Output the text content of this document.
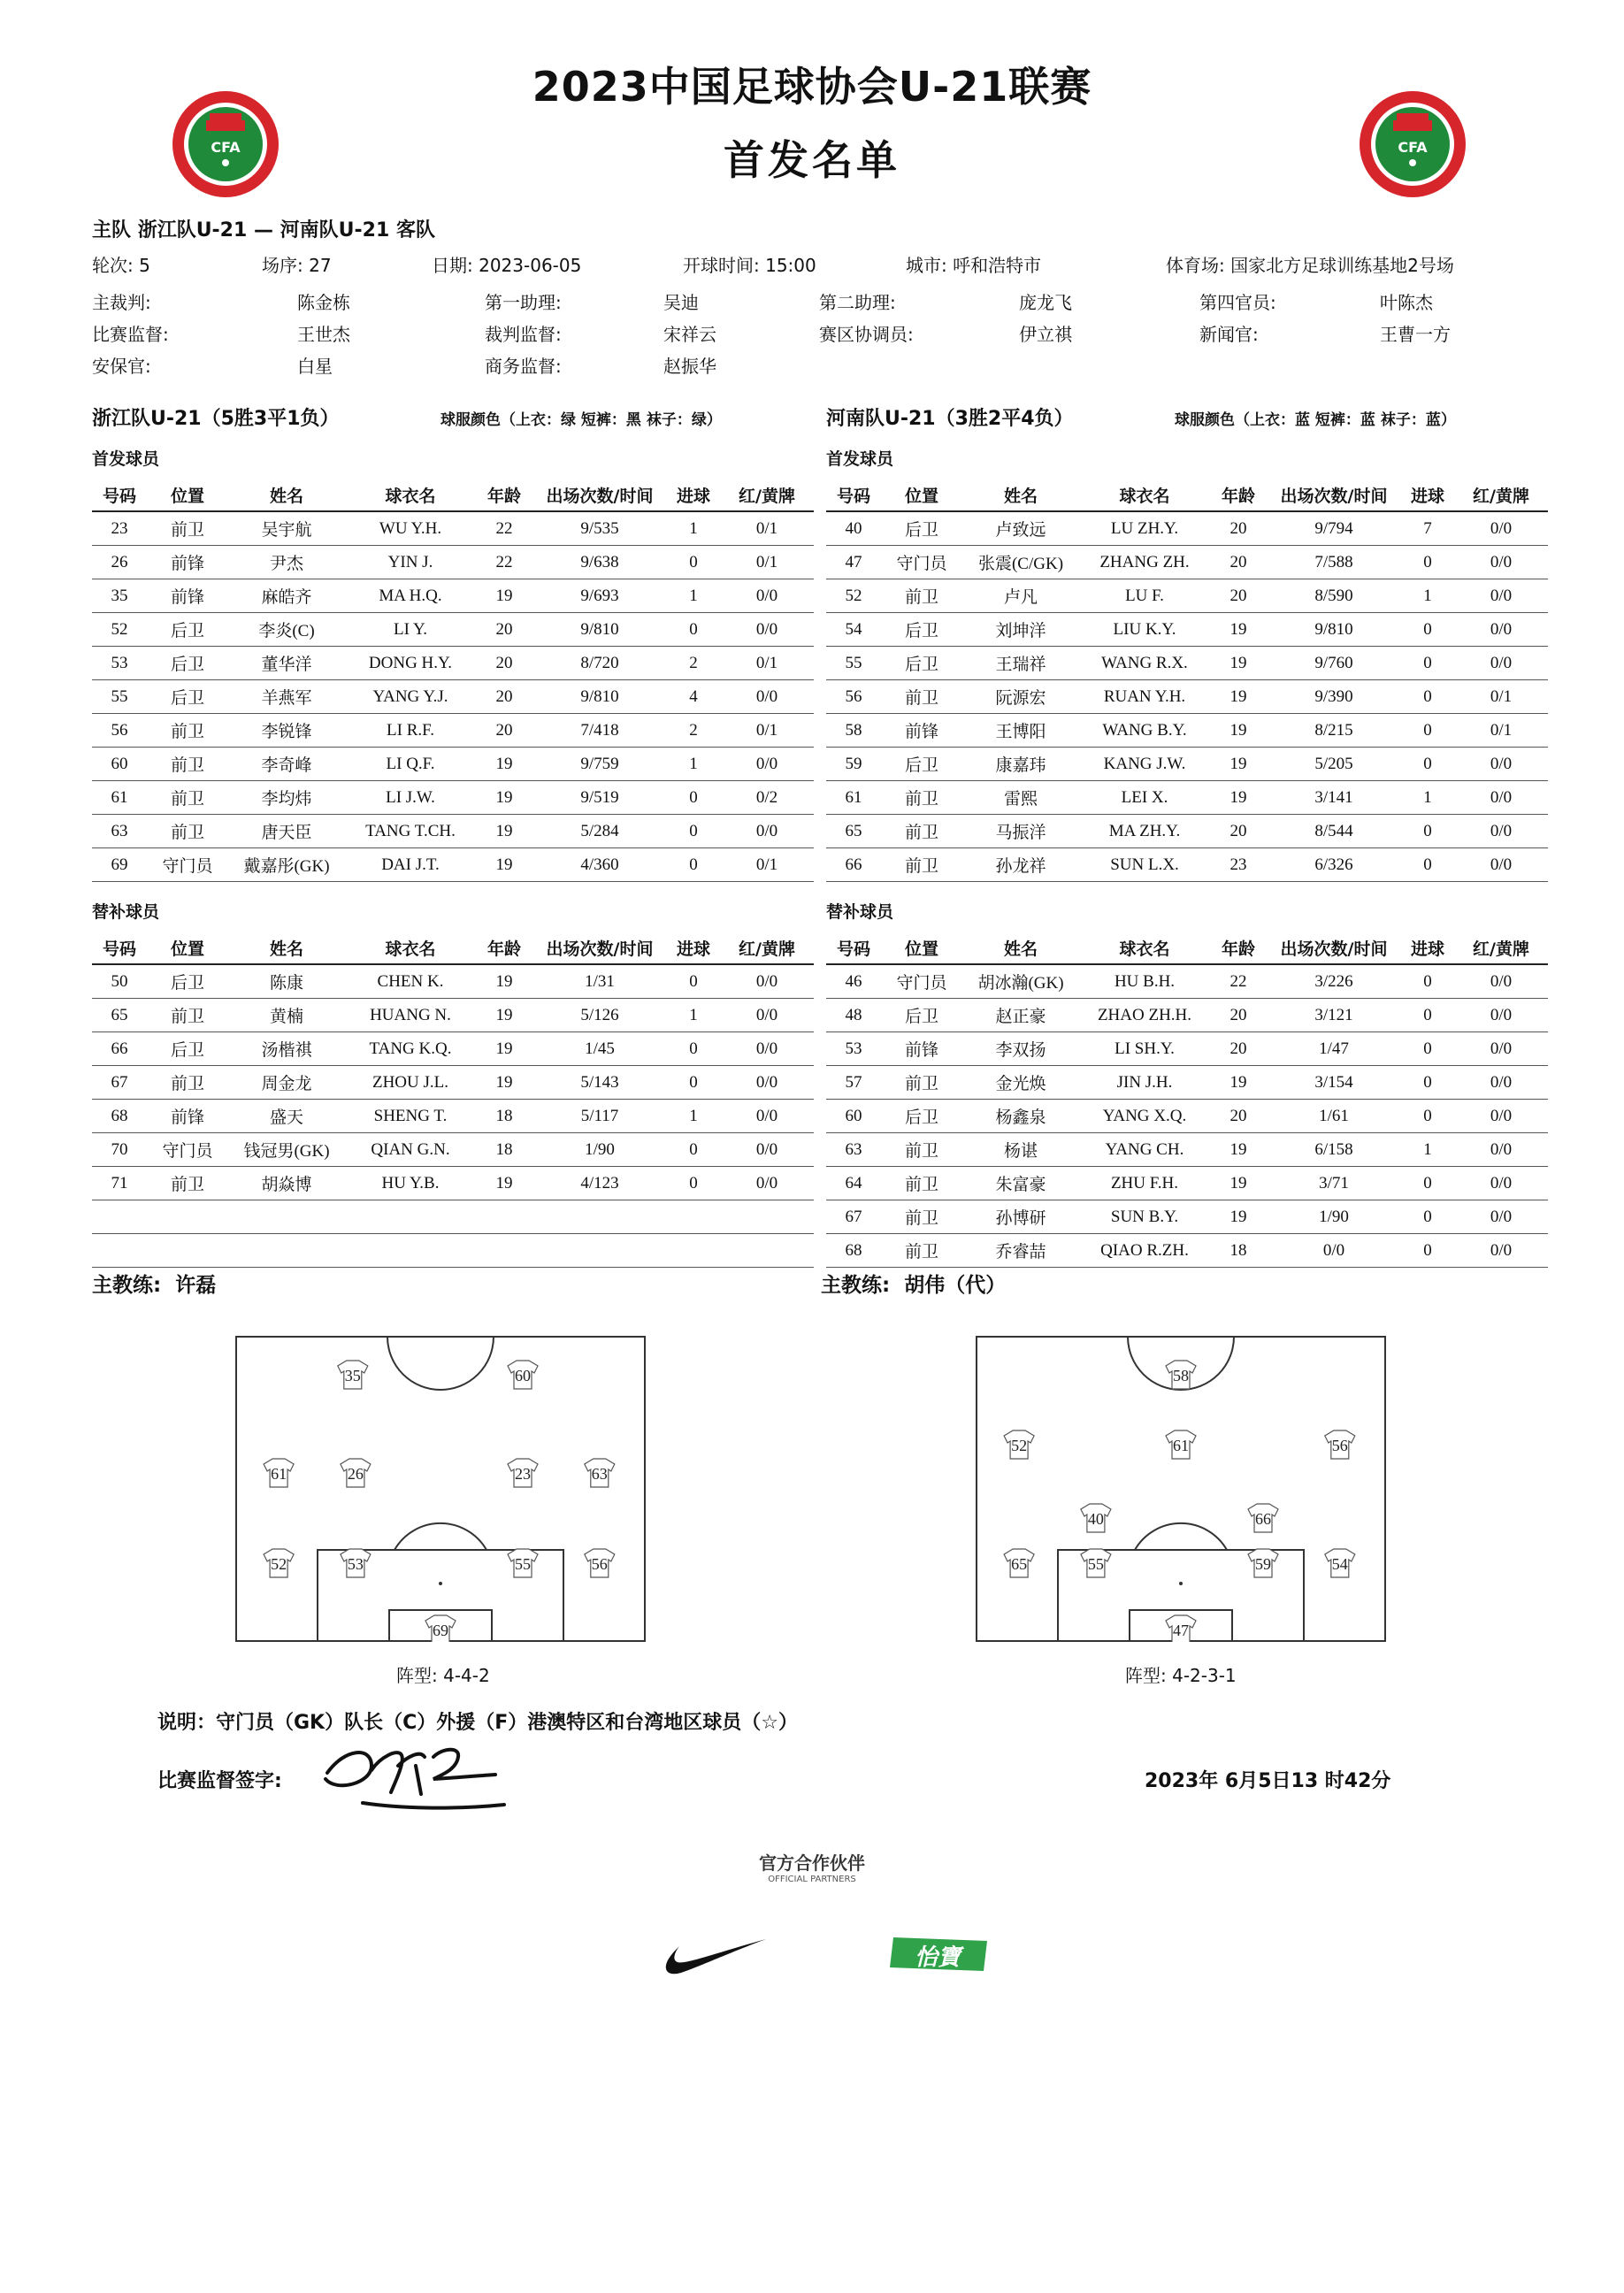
2023中国足球协会U-21联赛
首发名单
CFA	CFA
主队 浙江队U-21 — 河南队U-21 客队
轮次: 5	场序: 27	日期: 2023-06-05	开球时间: 15:00	城市: 呼和浩特市	体育场: 国家北方足球训练基地2号场
主裁判:	陈金栋	第一助理:	吴迪	第二助理:	庞龙飞	第四官员:	叶陈杰
比赛监督:	王世杰	裁判监督:	宋祥云	赛区协调员:	伊立祺	新闻官:	王曹一方
安保官:	白星	商务监督:	赵振华
浙江队U-21（5胜3平1负）	球服颜色（上衣：绿 短裤：黑 袜子：绿）	河南队U-21（3胜2平4负）	球服颜色（上衣：蓝 短裤：蓝 袜子：蓝）
首发球员	首发球员
号码	位置	姓名	球衣名	年龄	出场次数/时间	进球	红/黄牌
23	前卫	吴宇航	WU Y.H.	22	9/535	1	0/1
26	前锋	尹杰	YIN J.	22	9/638	0	0/1
35	前锋	麻皓齐	MA H.Q.	19	9/693	1	0/0
52	后卫	李炎(C)	LI Y.	20	9/810	0	0/0
53	后卫	董华洋	DONG H.Y.	20	8/720	2	0/1
55	后卫	羊燕军	YANG Y.J.	20	9/810	4	0/0
56	前卫	李锐锋	LI R.F.	20	7/418	2	0/1
60	前卫	李奇峰	LI Q.F.	19	9/759	1	0/0
61	前卫	李均炜	LI J.W.	19	9/519	0	0/2
63	前卫	唐天臣	TANG T.CH.	19	5/284	0	0/0
69	守门员	戴嘉彤(GK)	DAI J.T.	19	4/360	0	0/1
号码	位置	姓名	球衣名	年龄	出场次数/时间	进球	红/黄牌
40	后卫	卢致远	LU ZH.Y.	20	9/794	7	0/0
47	守门员	张震(C/GK)	ZHANG ZH.	20	7/588	0	0/0
52	前卫	卢凡	LU F.	20	8/590	1	0/0
54	后卫	刘坤洋	LIU K.Y.	19	9/810	0	0/0
55	后卫	王瑞祥	WANG R.X.	19	9/760	0	0/0
56	前卫	阮源宏	RUAN Y.H.	19	9/390	0	0/1
58	前锋	王博阳	WANG B.Y.	19	8/215	0	0/1
59	后卫	康嘉玮	KANG J.W.	19	5/205	0	0/0
61	前卫	雷熙	LEI X.	19	3/141	1	0/0
65	前卫	马振洋	MA ZH.Y.	20	8/544	0	0/0
66	前卫	孙龙祥	SUN L.X.	23	6/326	0	0/0
替补球员	替补球员
号码	位置	姓名	球衣名	年龄	出场次数/时间	进球	红/黄牌
50	后卫	陈康	CHEN K.	19	1/31	0	0/0
65	前卫	黄楠	HUANG N.	19	5/126	1	0/0
66	后卫	汤楷祺	TANG K.Q.	19	1/45	0	0/0
67	前卫	周金龙	ZHOU J.L.	19	5/143	0	0/0
68	前锋	盛天	SHENG T.	18	5/117	1	0/0
70	守门员	钱冠男(GK)	QIAN G.N.	18	1/90	0	0/0
71	前卫	胡焱博	HU Y.B.	19	4/123	0	0/0

号码	位置	姓名	球衣名	年龄	出场次数/时间	进球	红/黄牌
46	守门员	胡冰瀚(GK)	HU B.H.	22	3/226	0	0/0
48	后卫	赵正豪	ZHAO ZH.H.	20	3/121	0	0/0
53	前锋	李双扬	LI SH.Y.	20	1/47	0	0/0
57	前卫	金光焕	JIN J.H.	19	3/154	0	0/0
60	后卫	杨鑫泉	YANG X.Q.	20	1/61	0	0/0
63	前卫	杨谌	YANG CH.	19	6/158	1	0/0
64	前卫	朱富豪	ZHU F.H.	19	3/71	0	0/0
67	前卫	孙博研	SUN B.Y.	19	1/90	0	0/0
68	前卫	乔睿喆	QIAO R.ZH.	18	0/0	0	0/0
主教练: 许磊	主教练: 胡伟（代）
35	60
61	26	23	63
52	53	55	56
69
58
52	61	56
40	66
65	55	59	54
47
阵型: 4-4-2	阵型: 4-2-3-1
说明：守门员（GK）队长（C）外援（F）港澳特区和台湾地区球员（☆）
比赛监督签字:	2023年 6月5日13 时42分
官方合作伙伴
OFFICIAL PARTNERS
怡寶
